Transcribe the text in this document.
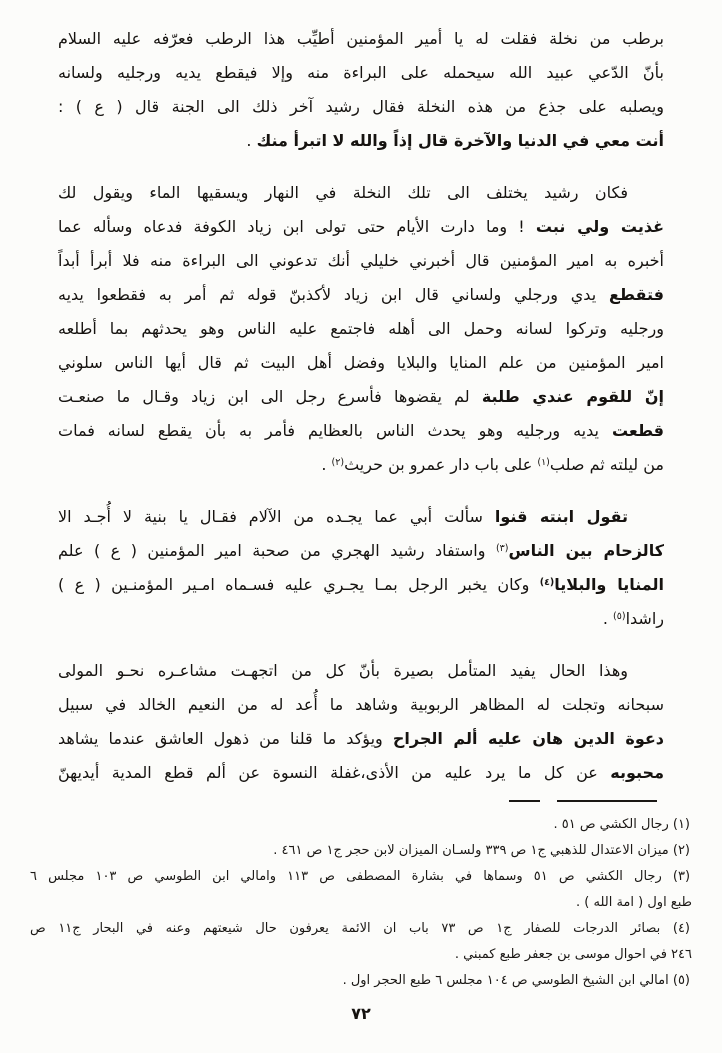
برطب من نخلة فقلت له يا أمير المؤمنين أطيِّب هذا الرطب فعرّفه عليه السلام
بأنّ الدّعي عبيد الله سيحمله على البراءة منه وإلا فيقطع يديه ورجليه ولسانه
ويصلبه على جذع من هذه النخلة فقال رشيد آخر ذلك الى الجنة قال ( ع ) :
أنت معي في الدنيا والآخرة قال إذاً والله لا اتبرأ منك .
فكان رشيد يختلف الى تلك النخلة في النهار ويسقيها الماء ويقول لك
غذيت ولي نبت ! وما دارت الأيام حتى تولى ابن زياد الكوفة فدعاه وسأله عما
أخبره به امير المؤمنين قال أخبرني خليلي أنك تدعوني الى البراءة منه فلا أبرأ أبداً
فتقطع يدي ورجلي ولساني قال ابن زياد لأكذبنّ قوله ثم أمر به فقطعوا يديه
ورجليه وتركوا لسانه وحمل الى أهله فاجتمع عليه الناس وهو يحدثهم بما أطلعه
امير المؤمنين من علم المنايا والبلايا وفضل أهل البيت ثم قال أيها الناس سلوني
إنّ للقوم عندي طلبة لم يقضوها فأسرع رجل الى ابن زياد وقـال ما صنعـت
قطعت يديه ورجليه وهو يحدث الناس بالعظايم فأمر به بأن يقطع لسانه فمات
من ليلته ثم صلب$^{(١)}$ على باب دار عمرو بن حريث$^{(٢)}$ .
تقول ابنته قنوا سألت أبي عما يجـده من الآلام فقـال يا بنية لا أُجـد الا
كالزحام بين الناس$^{(٣)}$ واستفاد رشيد الهجري من صحبة امير المؤمنين ( ع ) علم
المنايا والبلايا$^{(٤)}$ وكان يخبر الرجل بمـا يجـري عليه فسـماه امـير المؤمنـين ( ع )
راشدا$^{(٥)}$ .
وهذا الحال يفيد المتأمل بصيرة بأنّ كل من اتجهـت مشاعـره نحـو المولى
سبحانه وتجلت له المظاهر الربوبية وشاهد ما أُعد له من النعيم الخالد في سبيل
دعوة الدين هان عليه ألم الجراح ويؤكد ما قلنا من ذهول العاشق عندما يشاهد
محبوبه عن كل ما يرد عليه من الأذى،غفلة النسوة عن ألم قطع المدية أيديهنّ
(١) رجال الكشي ص ٥١ .
(٢) ميزان الاعتدال للذهبي ج١ ص ٣٣٩ ولسـان الميزان لابن حجر ج١ ص ٤٦١ .
(٣) رجال الكشي ص ٥١ وسماها في بشارة المصطفى ص ١١٣ وامالي ابن الطوسي ص ١٠٣ مجلس ٦
طبع اول ( امة الله ) .
(٤) بصائر الدرجات للصفار ج١ ص ٧٣ باب ان الائمة يعرفون حال شيعتهم وعنه في البحار ج١١ ص
٢٤٦ في احوال موسى بن جعفر طبع كمبني .
(٥) امالي ابن الشيخ الطوسي ص ١٠٤ مجلس ٦ طبع الحجر اول .
٧٢
